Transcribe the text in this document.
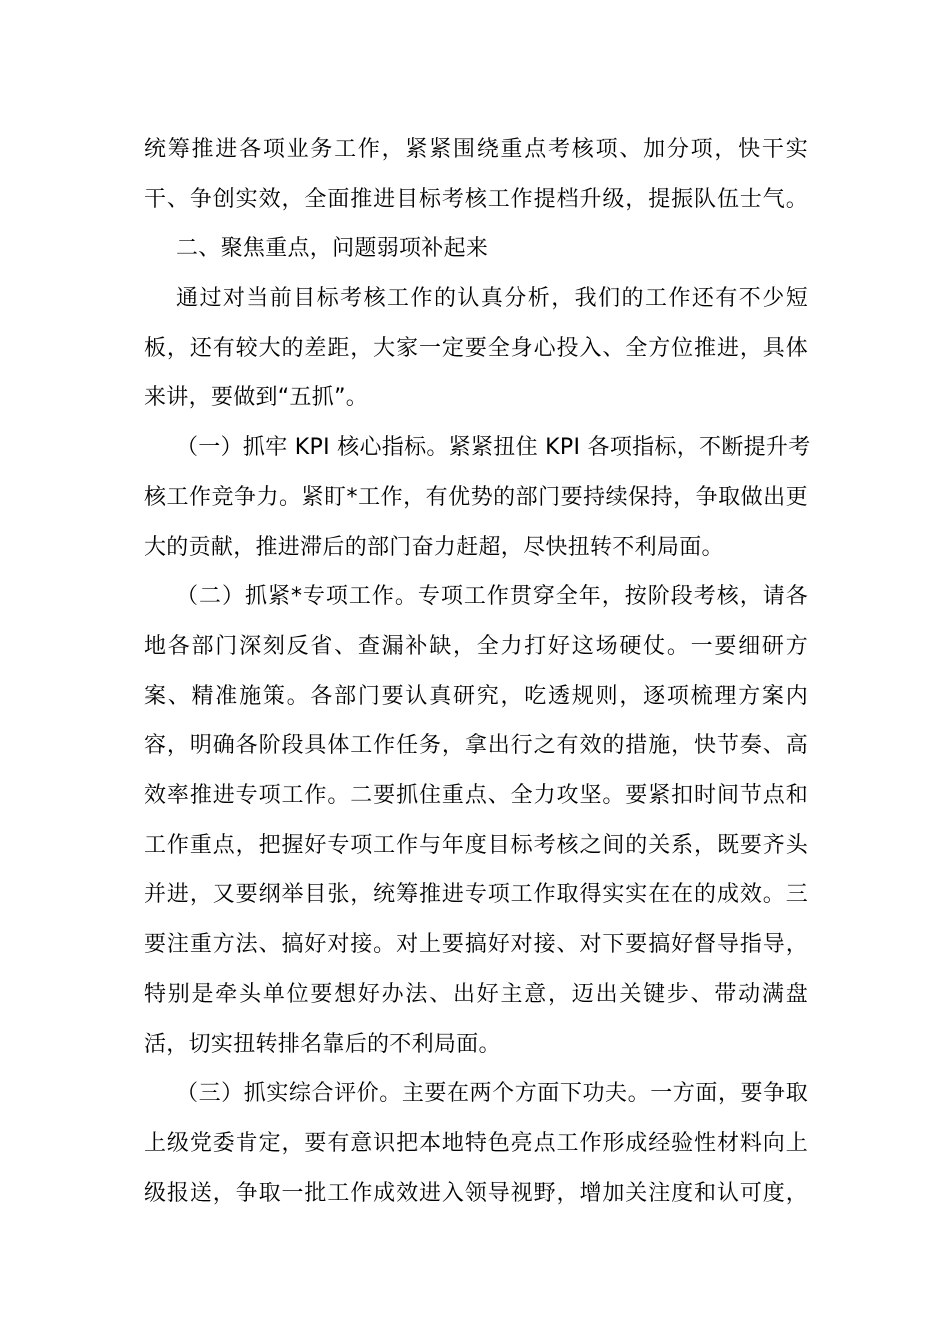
统筹推进各项业务工作，紧紧围绕重点考核项、加分项，快干实
干、争创实效，全面推进目标考核工作提档升级，提振队伍士气。
二、聚焦重点，问题弱项补起来
通过对当前目标考核工作的认真分析，我们的工作还有不少短
板，还有较大的差距，大家一定要全身心投入、全方位推进，具体
来讲，要做到“五抓”。
（一）抓牢 KPI 核心指标。紧紧扭住 KPI 各项指标，不断提升考
核工作竞争力。紧盯*工作，有优势的部门要持续保持，争取做出更
大的贡献，推进滞后的部门奋力赶超，尽快扭转不利局面。
（二）抓紧*专项工作。专项工作贯穿全年，按阶段考核，请各
地各部门深刻反省、查漏补缺，全力打好这场硬仗。一要细研方
案、精准施策。各部门要认真研究，吃透规则，逐项梳理方案内
容，明确各阶段具体工作任务，拿出行之有效的措施，快节奏、高
效率推进专项工作。二要抓住重点、全力攻坚。要紧扣时间节点和
工作重点，把握好专项工作与年度目标考核之间的关系，既要齐头
并进，又要纲举目张，统筹推进专项工作取得实实在在的成效。三
要注重方法、搞好对接。对上要搞好对接、对下要搞好督导指导，
特别是牵头单位要想好办法、出好主意，迈出关键步、带动满盘
活，切实扭转排名靠后的不利局面。
（三）抓实综合评价。主要在两个方面下功夫。一方面，要争取
上级党委肯定，要有意识把本地特色亮点工作形成经验性材料向上
级报送，争取一批工作成效进入领导视野，增加关注度和认可度，
